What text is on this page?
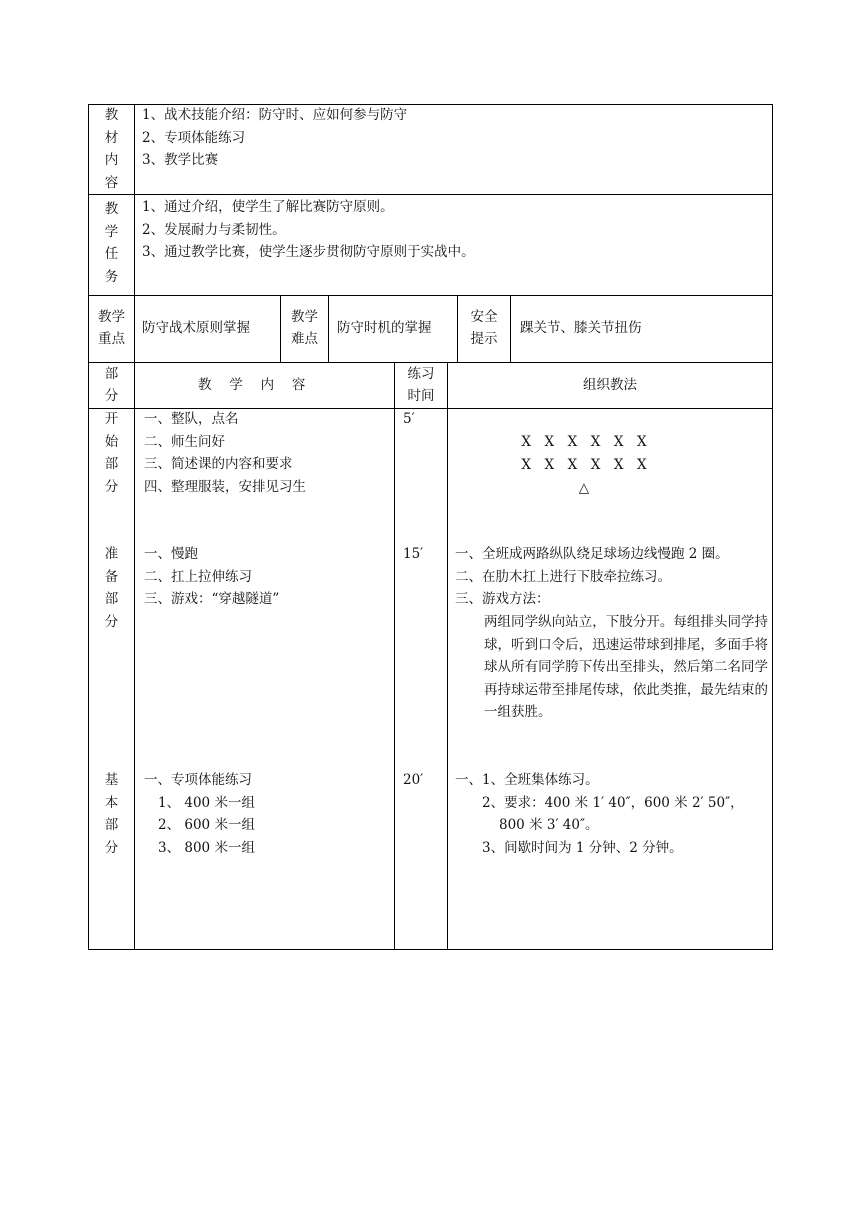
教
材
内
容
1、战术技能介绍：防守时、应如何参与防守
2、专项体能练习
3、教学比赛
教
学
任
务
1、通过介绍，使学生了解比赛防守原则。
2、发展耐力与柔韧性。
3、通过教学比赛，使学生逐步贯彻防守原则于实战中。
教学
重点
防守战术原则掌握
教学
难点
防守时机的掌握
安全
提示
踝关节、膝关节扭伤
部
分
教　 学　 内　 容
练习
时间
组织教法
开
始
部
分
一、整队，点名
二、师生问好
三、简述课的内容和要求
四、整理服装，安排见习生
5′
X　X　X　X　X　X
X　X　X　X　X　X
△
准
备
部
分
一、慢跑
二、扛上拉伸练习
三、游戏：“穿越隧道”
15′ 一、全班成两路纵队绕足球场边线慢跑 2 圈。
二、在肋木扛上进行下肢牵拉练习。
三、游戏方法：
两组同学纵向站立，下肢分开。每组排头同学持球，听到口令后，迅速运带球到排尾，多面手将球从所有同学胯下传出至排头，然后第二名同学再持球运带至排尾传球，依此类推，最先结束的一组获胜。
基
本
部
分
一、专项体能练习
1、 400 米一组
2、 600 米一组
3、 800 米一组
20′ 一、1、全班集体练习。
2、要求：400 米 1′ 40″，600 米 2′ 50″，
800 米 3′ 40″。
3、间歇时间为 1 分钟、2 分钟。
